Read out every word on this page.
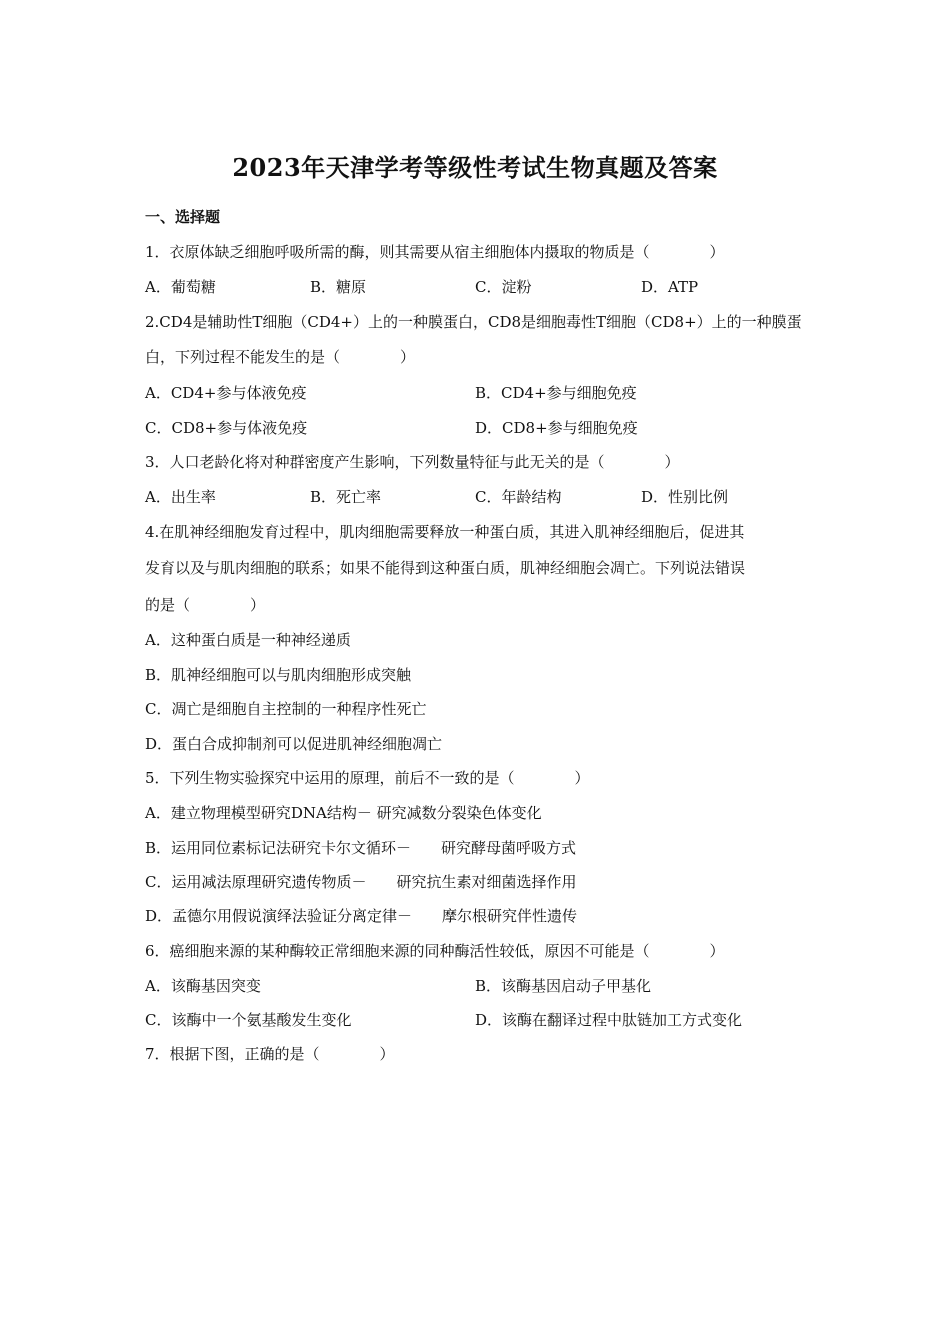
2023年天津学考等级性考试生物真题及答案
一、选择题
1．衣原体缺乏细胞呼吸所需的酶，则其需要从宿主细胞体内摄取的物质是（　　　　）
A．葡萄糖	B．糖原	C．淀粉	D．ATP
2.CD4是辅助性T细胞（CD4+）上的一种膜蛋白，CD8是细胞毒性T细胞（CD8+）上的一种膜蛋
白，下列过程不能发生的是（　　　　）
A．CD4+参与体液免疫	B．CD4+参与细胞免疫
C．CD8+参与体液免疫	D．CD8+参与细胞免疫
3．人口老龄化将对种群密度产生影响，下列数量特征与此无关的是（　　　　）
A．出生率	B．死亡率	C．年龄结构	D．性别比例
4.在肌神经细胞发育过程中，肌肉细胞需要释放一种蛋白质，其进入肌神经细胞后，促进其
发育以及与肌肉细胞的联系；如果不能得到这种蛋白质，肌神经细胞会凋亡。下列说法错误
的是（　　　　）
A．这种蛋白质是一种神经递质
B．肌神经细胞可以与肌肉细胞形成突触
C．凋亡是细胞自主控制的一种程序性死亡
D．蛋白合成抑制剂可以促进肌神经细胞凋亡
5．下列生物实验探究中运用的原理，前后不一致的是（　　　　）
A．建立物理模型研究DNA结构－ 研究减数分裂染色体变化
B．运用同位素标记法研究卡尔文循环－　　研究酵母菌呼吸方式
C．运用减法原理研究遗传物质－　　研究抗生素对细菌选择作用
D．孟德尔用假说演绎法验证分离定律－　　摩尔根研究伴性遗传
6．癌细胞来源的某种酶较正常细胞来源的同种酶活性较低，原因不可能是（　　　　）
A．该酶基因突变	B．该酶基因启动子甲基化
C．该酶中一个氨基酸发生变化	D．该酶在翻译过程中肽链加工方式变化
7．根据下图，正确的是（　　　　）
